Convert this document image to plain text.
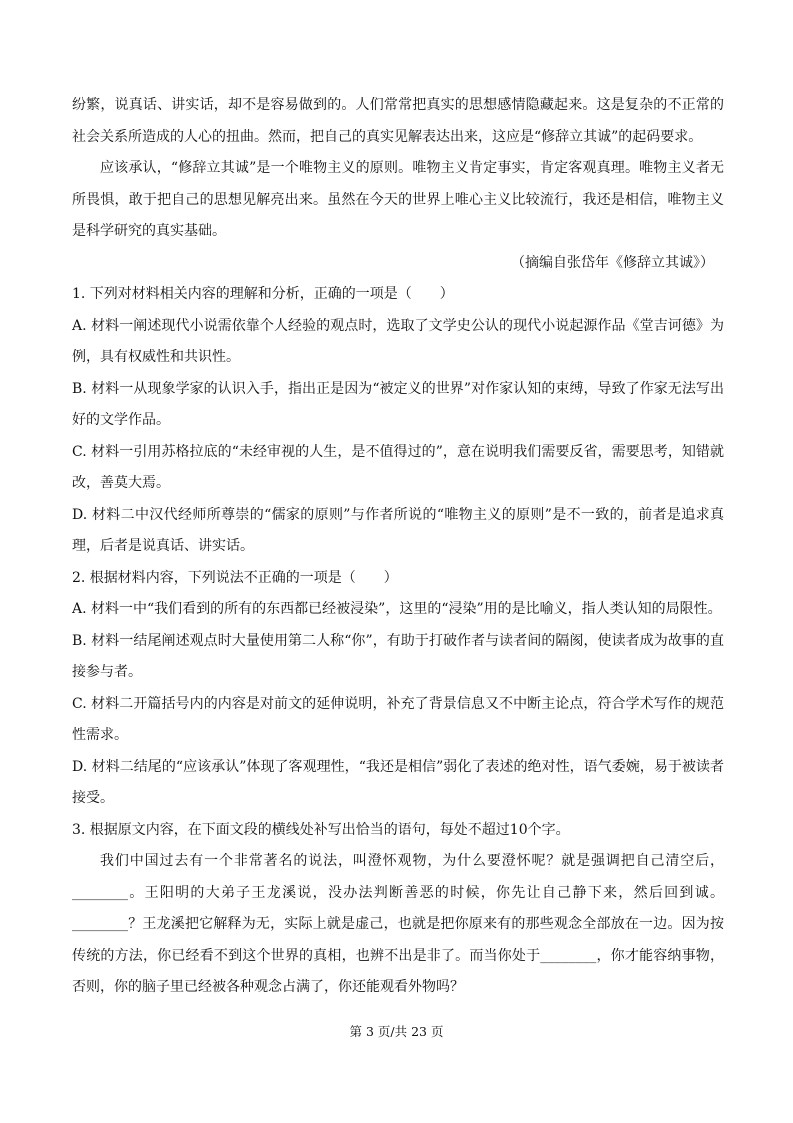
纷繁，说真话、讲实话，却不是容易做到的。人们常常把真实的思想感情隐藏起来。这是复杂的不正常的社会关系所造成的人心的扭曲。然而，把自己的真实见解表达出来，这应是“修辞立其诚”的起码要求。

应该承认，“修辞立其诚”是一个唯物主义的原则。唯物主义肯定事实，肯定客观真理。唯物主义者无所畏惧，敢于把自己的思想见解亮出来。虽然在今天的世界上唯心主义比较流行，我还是相信，唯物主义是科学研究的真实基础。

（摘编自张岱年《修辞立其诚》）

1. 下列对材料相关内容的理解和分析，正确的一项是（　　）

A. 材料一阐述现代小说需依靠个人经验的观点时，选取了文学史公认的现代小说起源作品《堂吉诃德》为例，具有权威性和共识性。

B. 材料一从现象学家的认识入手，指出正是因为“被定义的世界”对作家认知的束缚，导致了作家无法写出好的文学作品。

C. 材料一引用苏格拉底的“未经审视的人生，是不值得过的”，意在说明我们需要反省，需要思考，知错就改，善莫大焉。

D. 材料二中汉代经师所尊崇的“儒家的原则”与作者所说的“唯物主义的原则”是不一致的，前者是追求真理，后者是说真话、讲实话。

2. 根据材料内容，下列说法不正确的一项是（　　）

A. 材料一中“我们看到的所有的东西都已经被浸染”，这里的“浸染”用的是比喻义，指人类认知的局限性。

B. 材料一结尾阐述观点时大量使用第二人称“你”，有助于打破作者与读者间的隔阂，使读者成为故事的直接参与者。

C. 材料二开篇括号内的内容是对前文的延伸说明，补充了背景信息又不中断主论点，符合学术写作的规范性需求。

D. 材料二结尾的“应该承认”体现了客观理性，“我还是相信”弱化了表述的绝对性，语气委婉，易于被读者接受。

3. 根据原文内容，在下面文段的横线处补写出恰当的语句，每处不超过10个字。

我们中国过去有一个非常著名的说法，叫澄怀观物，为什么要澄怀呢？就是强调把自己清空后，________。王阳明的大弟子王龙溪说，没办法判断善恶的时候，你先让自己静下来，然后回到诚。________？王龙溪把它解释为无，实际上就是虚己，也就是把你原来有的那些观念全部放在一边。因为按传统的方法，你已经看不到这个世界的真相，也辨不出是非了。而当你处于________，你才能容纳事物，否则，你的脑子里已经被各种观念占满了，你还能观看外物吗？

第 3 页/共 23 页
